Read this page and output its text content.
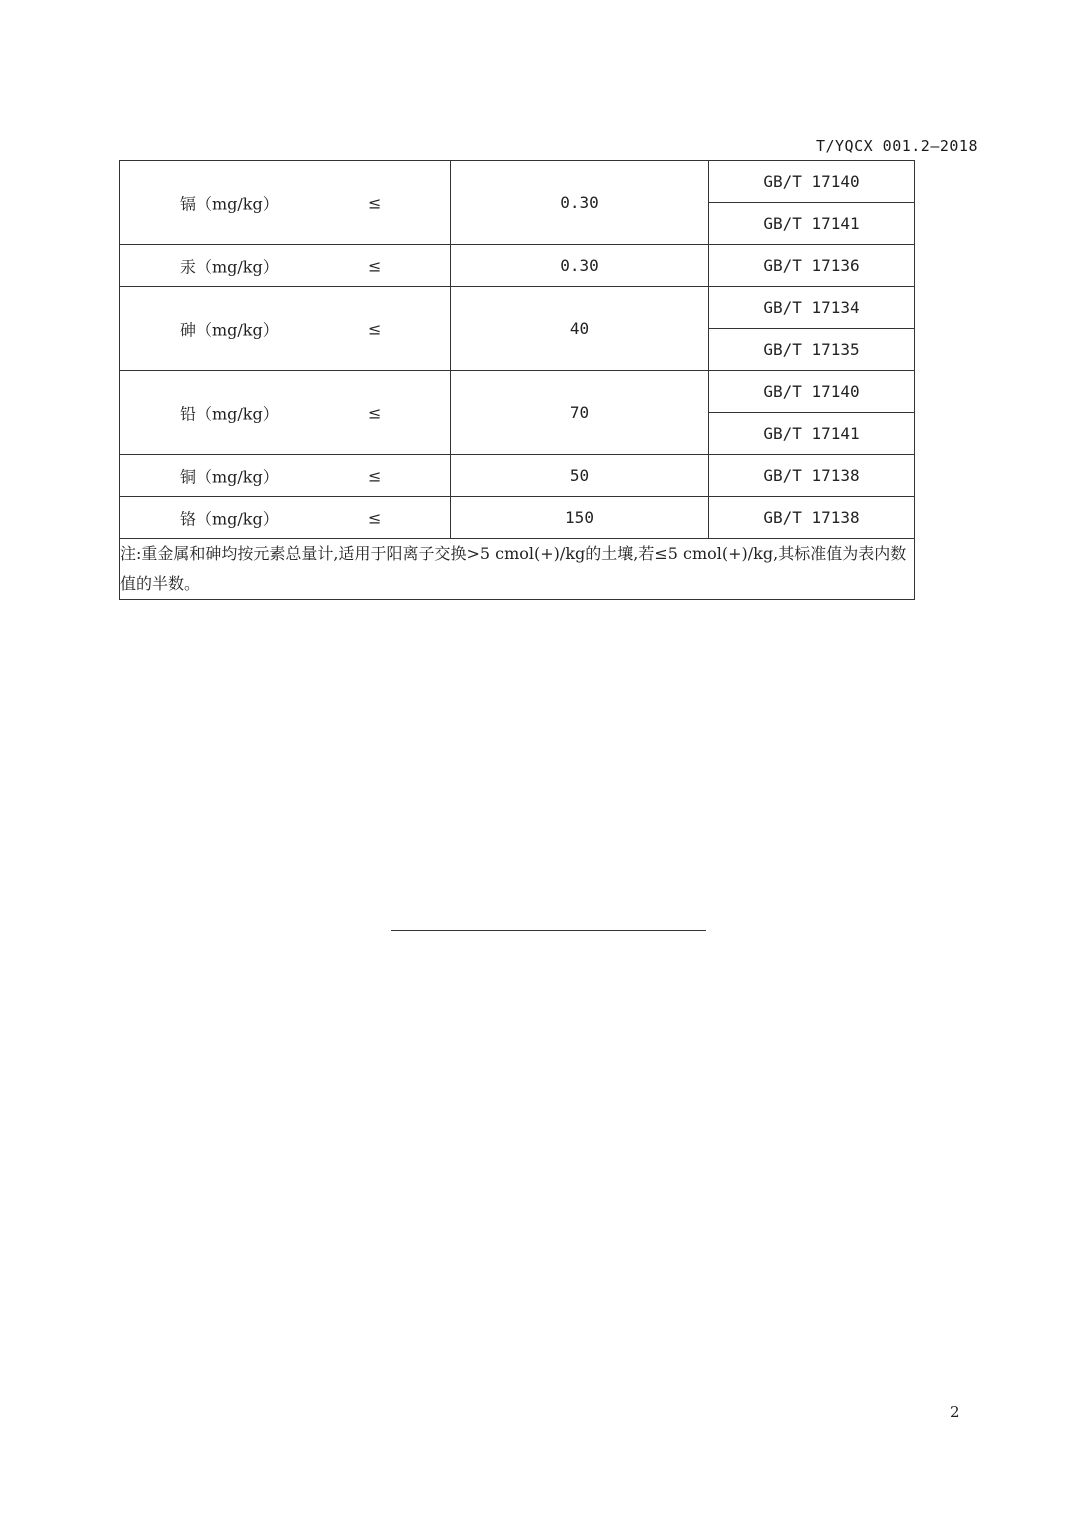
T/YQCX 001.2—2018
镉（mg/kg） ≤	0.30	GB/T 17140
		GB/T 17141

汞（mg/kg） ≤	0.30	GB/T 17136

砷（mg/kg） ≤	40	GB/T 17134
		GB/T 17135

铅（mg/kg） ≤	70	GB/T 17140
		GB/T 17141

铜（mg/kg） ≤	50	GB/T 17138

铬（mg/kg） ≤	150	GB/T 17138
注:重金属和砷均按元素总量计,适用于阳离子交换>5 cmol(+)/kg的土壤,若≤5 cmol(+)/kg,其标准值为表内数值的半数。		
2
